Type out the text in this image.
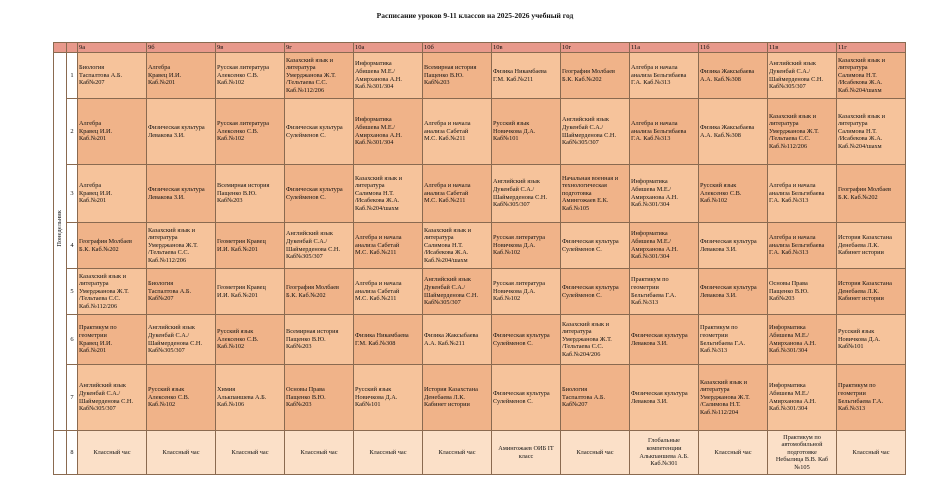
Расписание уроков 9-11 классов на 2025-2026 учебный год
		9а	9б	9в	9г	10а	10б	10в	10г	11а	11б	11в	11г

Понедельник	1	Биология
Таспалтова А.Б.
Каб№207	Алгебра
Кравец И.И.
Каб.№201	Русская литература
Алексенко С.В.
Каб.№102	Казахский язык и
литература
Умерджанова Ж.Т.
/Тельтаева С.С.
Каб.№112/206	Информатика
Абишева М.Е./
Амирханова А.Н.
Каб.№301/304	Всемирная история
Пащенко В.Ю.
Каб№203	Физика Никамбаева
Г.М. Каб.№211	География Молбаев
Б.К. Каб.№202	Алгебра и начала
анализа Бельгибаева
Г.А. Каб.№313	Физика Жаксыбаева
А.А. Каб.№308	Английский язык
Дукенбай С.А./
Шаймерденова С.Н.
Каб№305/307	Казахский язык и
литература
Салимова Н.Т.
/Исабекова Ж.А.
Каб.№204/шахм
	2	Алгебра
Кравец И.И.
Каб.№201	Физическая культура
Левакова З.И.	Русская литература
Алексенко С.В.
Каб.№102	Физическая культура
Сулейменов С.	Информатика
Абишева М.Е./
Амирханова А.Н.
Каб.№301/304	Алгебра и начала
анализа Сабетай
М.С. Каб.№211	Русский язык
Новичкова Д.А.
Каб№101	Английский язык
Дукенбай С.А./
Шаймерденова С.Н.
Каб№305/307	Алгебра и начала
анализа Бельгибаева
Г.А. Каб.№313	Физика Жаксыбаева
А.А. Каб.№308	Казахский язык и
литература
Умерджанова Ж.Т.
/Тельтаева С.С.
Каб.№112/206	Казахский язык и
литература
Салимова Н.Т.
/Исабекова Ж.А.
Каб.№204/шахм
	3	Алгебра
Кравец И.И.
Каб.№201	Физическая культура
Левакова З.И.	Всемирная история
Пащенко В.Ю.
Каб№203	Физическая культура
Сулейменов С.	Казахский язык и
литература
Салимова Н.Т.
/Исабекова Ж.А.
Каб.№204/шахм	Алгебра и начала
анализа Сабетай
М.С. Каб.№211	Английский язык
Дукенбай С.А./
Шаймерденова С.Н.
Каб№305/307	Начальная военная и
технологическая
подготовка
Амингожаев Е.К.
Каб.№105	Информатика
Абишева М.Е./
Амирханова А.Н.
Каб.№301/304	Русский язык
Алексенко С.В.
Каб.№102	Алгебра и начала
анализа Бельгибаева
Г.А. Каб.№313	География Молбаев
Б.К. Каб.№202
	4	География Молбаев
Б.К. Каб.№202	Казахский язык и
литература
Умерджанова Ж.Т.
/Тельтаева С.С.
Каб.№112/206	Геометрия Кравец
И.И. Каб.№201	Английский язык
Дукенбай С.А./
Шаймерденова С.Н.
Каб№305/307	Алгебра и начала
анализа Сабетай
М.С. Каб.№211	Казахский язык и
литература
Салимова Н.Т.
/Исабекова Ж.А.
Каб.№204/шахм	Русская литература
Новичкова Д.А.
Каб.№102	Физическая культура
Сулейменов С.	Информатика
Абишева М.Е./
Амирханова А.Н.
Каб.№301/304	Физическая культура
Левакова З.И.	Алгебра и начала
анализа Бельгибаева
Г.А. Каб.№313	История Казахстана
Денебаева Л.К.
Кабинет истории
	5	Казахский язык и
литература
Умерджанова Ж.Т.
/Тельтаева С.С.
Каб.№112/206	Биология
Таспалтова А.Б.
Каб№207	Геометрия Кравец
И.И. Каб.№201	География Молбаев
Б.К. Каб.№202	Алгебра и начала
анализа Сабетай
М.С. Каб.№211	Английский язык
Дукенбай С.А./
Шаймерденова С.Н.
Каб№305/307	Русская литература
Новичкова Д.А.
Каб.№102	Физическая культура
Сулейменов С.	Практикум по
геометрии
Бельгибаева Г.А.
Каб.№313	Физическая культура
Левакова З.И.	Основы Права
Пащенко В.Ю.
Каб№203	История Казахстана
Денебаева Л.К.
Кабинет истории
	6	Практикум по
геометрии
Кравец И.И.
Каб.№201	Английский язык
Дукенбай С.А./
Шаймерденова С.Н.
Каб№305/307	Русский язык
Алексенко С.В.
Каб.№102	Всемирная история
Пащенко В.Ю.
Каб№203	Физика Никамбаева
Г.М. Каб.№308	Физика Жаксыбаева
А.А. Каб.№211	Физическая культура
Сулейменов С.	Казахский язык и
литература
Умерджанова Ж.Т.
/Тельтаева С.С.
Каб.№204/206	Физическая культура
Левакова З.И.	Практикум по
геометрии
Бельгибаева Г.А.
Каб.№313	Информатика
Абишева М.Е./
Амирханова А.Н.
Каб.№301/304	Русский язык
Новичкова Д.А.
Каб№101
	7	Английский язык
Дукенбай С.А./
Шаймерденова С.Н.
Каб№305/307	Русский язык
Алексенко С.В.
Каб.№102	Химия
Алькпаншева А.Б.
Каб.№106	Основы Права
Пащенко В.Ю.
Каб№203	Русский язык
Новичкова Д.А.
Каб№101	История Казахстана
Денебаева Л.К.
Кабинет истории	Физическая культура
Сулейменов С.	Биология
Таспалтова А.Б.
Каб№207	Физическая культура
Левакова З.И.	Казахский язык и
литература
Умерджанова Ж.Т.
/Салимова Н.Т.
Каб.№112/204	Информатика
Абишева М.Е./
Амирханова А.Н.
Каб.№301/304	Практикум по
геометрии
Бельгибаева Г.А.
Каб.№313
	8	Классный час	Классный час	Классный час	Классный час	Классный час	Классный час	Амингожаев ОИБ IT
класс	Классный час	Глобальные
компетенции
Алькпаншева А.Б.
Каб.№301	Классный час	Практикум по
автомобильной
подготовке
Небылица В.В. Каб
№105	Классный час
